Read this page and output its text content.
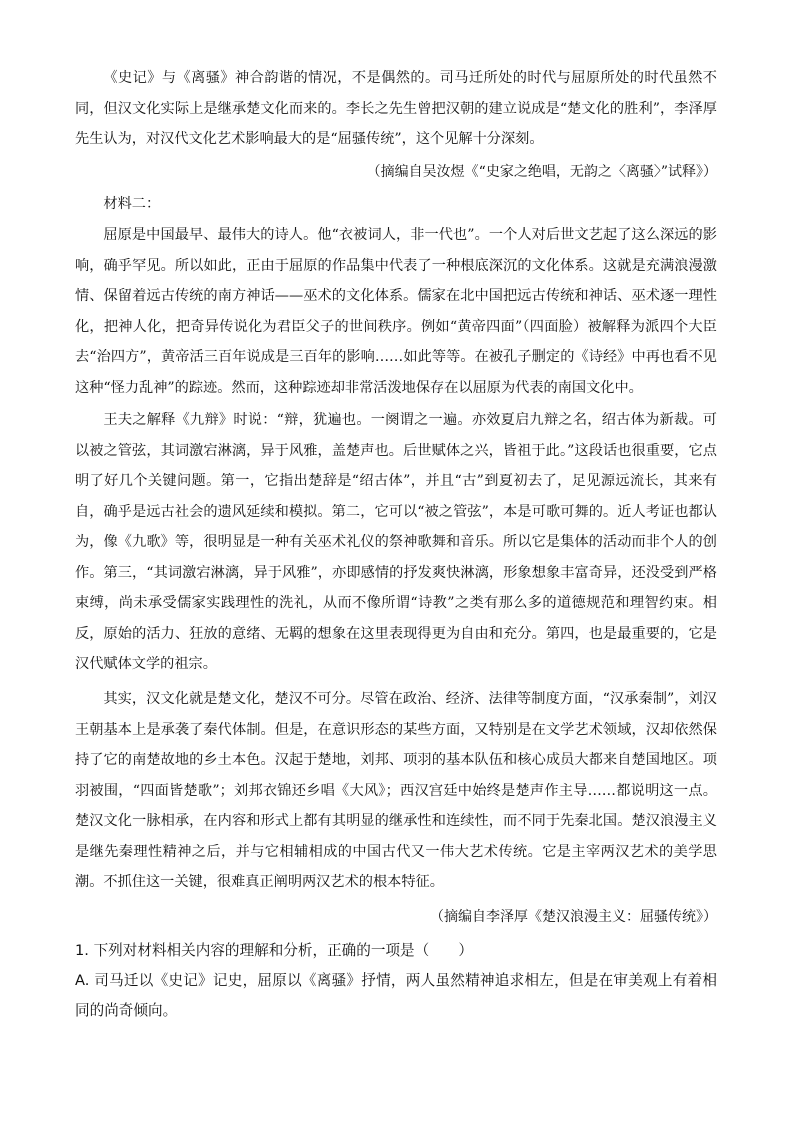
《史记》与《离骚》神合韵谐的情况，不是偶然的。司马迁所处的时代与屈原所处的时代虽然不同，但汉文化实际上是继承楚文化而来的。李长之先生曾把汉朝的建立说成是“楚文化的胜利”，李泽厚先生认为，对汉代文化艺术影响最大的是“屈骚传统”，这个见解十分深刻。

（摘编自吴汝煜《“史家之绝唱，无韵之〈离骚〉”试释》）

材料二：

屈原是中国最早、最伟大的诗人。他“衣被词人，非一代也”。一个人对后世文艺起了这么深远的影响，确乎罕见。所以如此，正由于屈原的作品集中代表了一种根底深沉的文化体系。这就是充满浪漫激情、保留着远古传统的南方神话——巫术的文化体系。儒家在北中国把远古传统和神话、巫术逐一理性化，把神人化，把奇异传说化为君臣父子的世间秩序。例如“黄帝四面”（四面脸）被解释为派四个大臣去“治四方”，黄帝活三百年说成是三百年的影响……如此等等。在被孔子删定的《诗经》中再也看不见这种“怪力乱神”的踪迹。然而，这种踪迹却非常活泼地保存在以屈原为代表的南国文化中。

王夫之解释《九辩》时说：“辩，犹遍也。一阕谓之一遍。亦效夏启九辩之名，绍古体为新裁。可以被之管弦，其词激宕淋漓，异于风雅，盖楚声也。后世赋体之兴，皆祖于此。”这段话也很重要，它点明了好几个关键问题。第一，它指出楚辞是“绍古体”，并且“古”到夏初去了，足见源远流长，其来有自，确乎是远古社会的遗风延续和模拟。第二，它可以“被之管弦”，本是可歌可舞的。近人考证也都认为，像《九歌》等，很明显是一种有关巫术礼仪的祭神歌舞和音乐。所以它是集体的活动而非个人的创作。第三，“其词激宕淋漓，异于风雅”，亦即感情的抒发爽快淋漓，形象想象丰富奇异，还没受到严格束缚，尚未承受儒家实践理性的洗礼，从而不像所谓“诗教”之类有那么多的道德规范和理智约束。相反，原始的活力、狂放的意绪、无羁的想象在这里表现得更为自由和充分。第四，也是最重要的，它是汉代赋体文学的祖宗。

其实，汉文化就是楚文化，楚汉不可分。尽管在政治、经济、法律等制度方面，“汉承秦制”，刘汉王朝基本上是承袭了秦代体制。但是，在意识形态的某些方面，又特别是在文学艺术领域，汉却依然保持了它的南楚故地的乡土本色。汉起于楚地，刘邦、项羽的基本队伍和核心成员大都来自楚国地区。项羽被围，“四面皆楚歌”；刘邦衣锦还乡唱《大风》；西汉宫廷中始终是楚声作主导……都说明这一点。楚汉文化一脉相承，在内容和形式上都有其明显的继承性和连续性，而不同于先秦北国。楚汉浪漫主义是继先秦理性精神之后，并与它相辅相成的中国古代又一伟大艺术传统。它是主宰两汉艺术的美学思潮。不抓住这一关键，很难真正阐明两汉艺术的根本特征。

（摘编自李泽厚《楚汉浪漫主义：屈骚传统》）

1. 下列对材料相关内容的理解和分析，正确的一项是（　　）

A. 司马迁以《史记》记史，屈原以《离骚》抒情，两人虽然精神追求相左，但是在审美观上有着相同的尚奇倾向。
